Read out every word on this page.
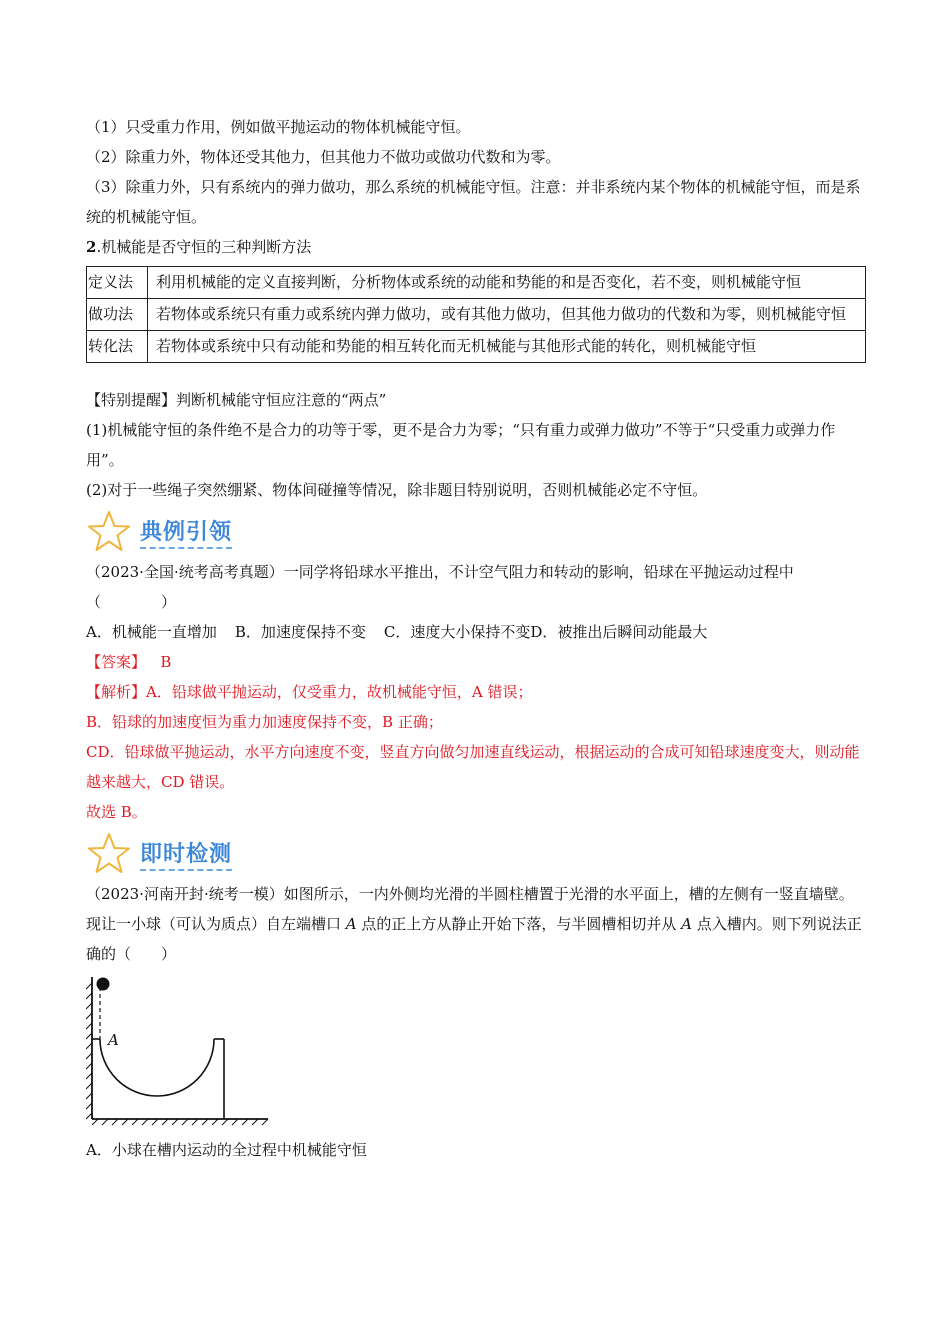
（1）只受重力作用，例如做平抛运动的物体机械能守恒。

（2）除重力外，物体还受其他力，但其他力不做功或做功代数和为零。

（3）除重力外，只有系统内的弹力做功，那么系统的机械能守恒。注意：并非系统内某个物体的机械能守恒，而是系统的机械能守恒。

2.机械能是否守恒的三种判断方法

定义法	利用机械能的定义直接判断，分析物体或系统的动能和势能的和是否变化，若不变，则机械能守恒
做功法	若物体或系统只有重力或系统内弹力做功，或有其他力做功，但其他力做功的代数和为零，则机械能守恒
转化法	若物体或系统中只有动能和势能的相互转化而无机械能与其他形式能的转化，则机械能守恒

【特别提醒】判断机械能守恒应注意的“两点”

(1)机械能守恒的条件绝不是合力的功等于零，更不是合力为零；“只有重力或弹力做功”不等于“只受重力或弹力作用”。

(2)对于一些绳子突然绷紧、物体间碰撞等情况，除非题目特别说明，否则机械能必定不守恒。

典例引领

（2023·全国·统考高考真题）一同学将铅球水平推出，不计空气阻力和转动的影响，铅球在平抛运动过程中（　　　　）

A．机械能一直增加 B．加速度保持不变 C．速度大小保持不变D．被推出后瞬间动能最大

【答案】 B

【解析】A．铅球做平抛运动，仅受重力，故机械能守恒，A 错误；

B．铅球的加速度恒为重力加速度保持不变，B 正确；

CD．铅球做平抛运动，水平方向速度不变，竖直方向做匀加速直线运动，根据运动的合成可知铅球速度变大，则动能越来越大，CD 错误。

故选 B。

即时检测

（2023·河南开封·统考一模）如图所示，一内外侧均光滑的半圆柱槽置于光滑的水平面上，槽的左侧有一竖直墙壁。现让一小球（可认为质点）自左端槽口 A 点的正上方从静止开始下落，与半圆槽相切并从 A 点入槽内。则下列说法正确的（　　）

A

A．小球在槽内运动的全过程中机械能守恒
